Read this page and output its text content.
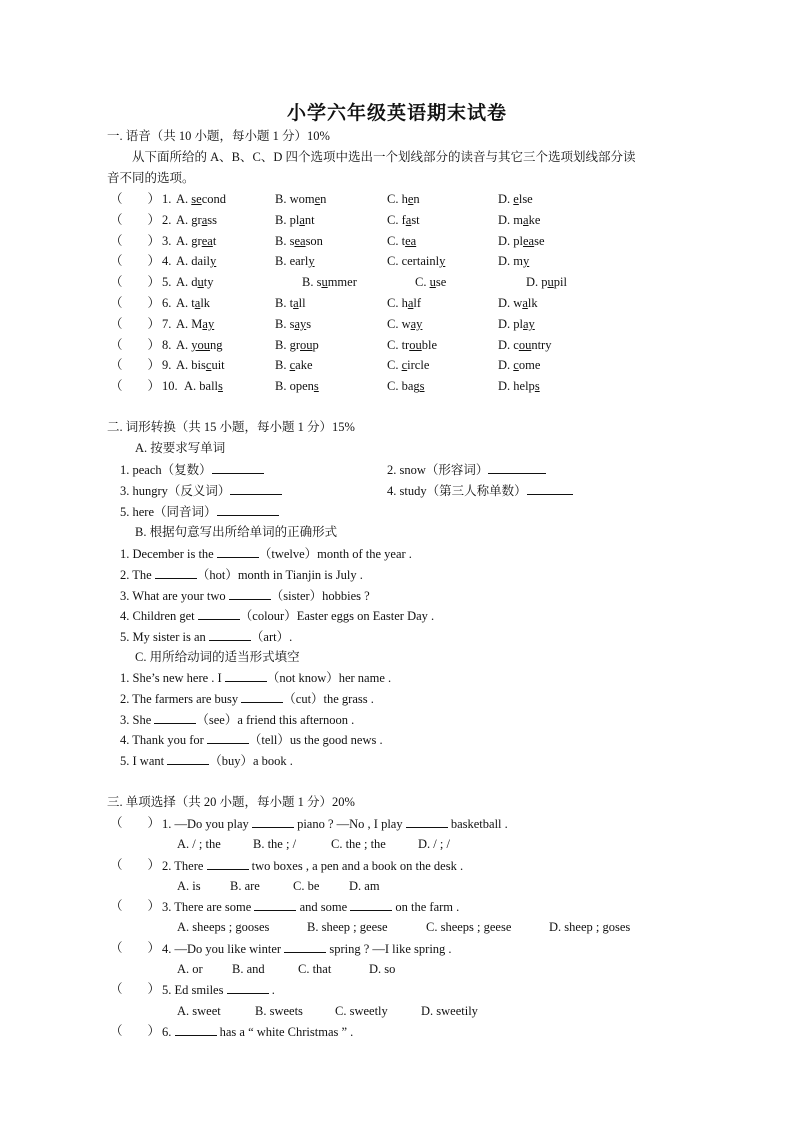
小学六年级英语期末试卷
一. 语音（共 10 小题，每小题 1 分）10%
从下面所给的 A、B、C、D 四个选项中选出一个划线部分的读音与其它三个选项划线部分读
音不同的选项。
（　　） 1. A. second	B. women	C. hen	D. else
（　　） 2. A. grass	B. plant	C. fast	D. make
（　　） 3. A. great	B. season	C. tea	D. please
（　　） 4. A. daily	B. early	C. certainly	D. my
（　　） 5. A. duty	B. summer	C. use	D. pupil
（　　） 6. A. talk	B. tall	C. half	D. walk
（　　） 7. A. May	B. says	C. way	D. play
（　　） 8. A. young	B. group	C. trouble	D. country
（　　） 9. A. biscuit	B. cake	C. circle	D. come
（　　） 10. A. balls	B. opens	C. bags	D. helps
二. 词形转换（共 15 小题，每小题 1 分）15%
A. 按要求写单词
1. peach（复数）	2. snow（形容词）
3. hungry（反义词）	4. study（第三人称单数）
5. here（同音词）
B. 根据句意写出所给单词的正确形式
1. December is the	（twelve）month of the year .
2. The	（hot）month in Tianjin is July .
3. What are your two	（sister）hobbies ?
4. Children get	（colour）Easter eggs on Easter Day .
5. My sister is an	（art）.
C. 用所给动词的适当形式填空
1. She’s new here . I	（not know）her name .
2. The farmers are busy	（cut）the grass .
3. She	（see）a friend this afternoon .
4. Thank you for	（tell）us the good news .
5. I want	（buy）a book .
三. 单项选择（共 20 小题，每小题 1 分）20%
（　　） 1. —Do you play	piano ? —No , I play	basketball .
A. / ; the	B. the ; /	C. the ; the	D. / ; /
（　　） 2. There	two boxes , a pen and a book on the desk .
A. is B. are	C. be D. am
（　　） 3. There are some	and some	on the farm .
A. sheeps ; gooses	B. sheep ; geese	C. sheeps ; geese	D. sheep ; goses
（　　） 4. —Do you like winter	spring ? —I like spring .
A. or B. and	C. that	D. so
（　　） 5. Ed smiles	.
A. sweet	B. sweets	C. sweetly	D. sweetily
（　　） 6.	has a “ white Christmas ” .
